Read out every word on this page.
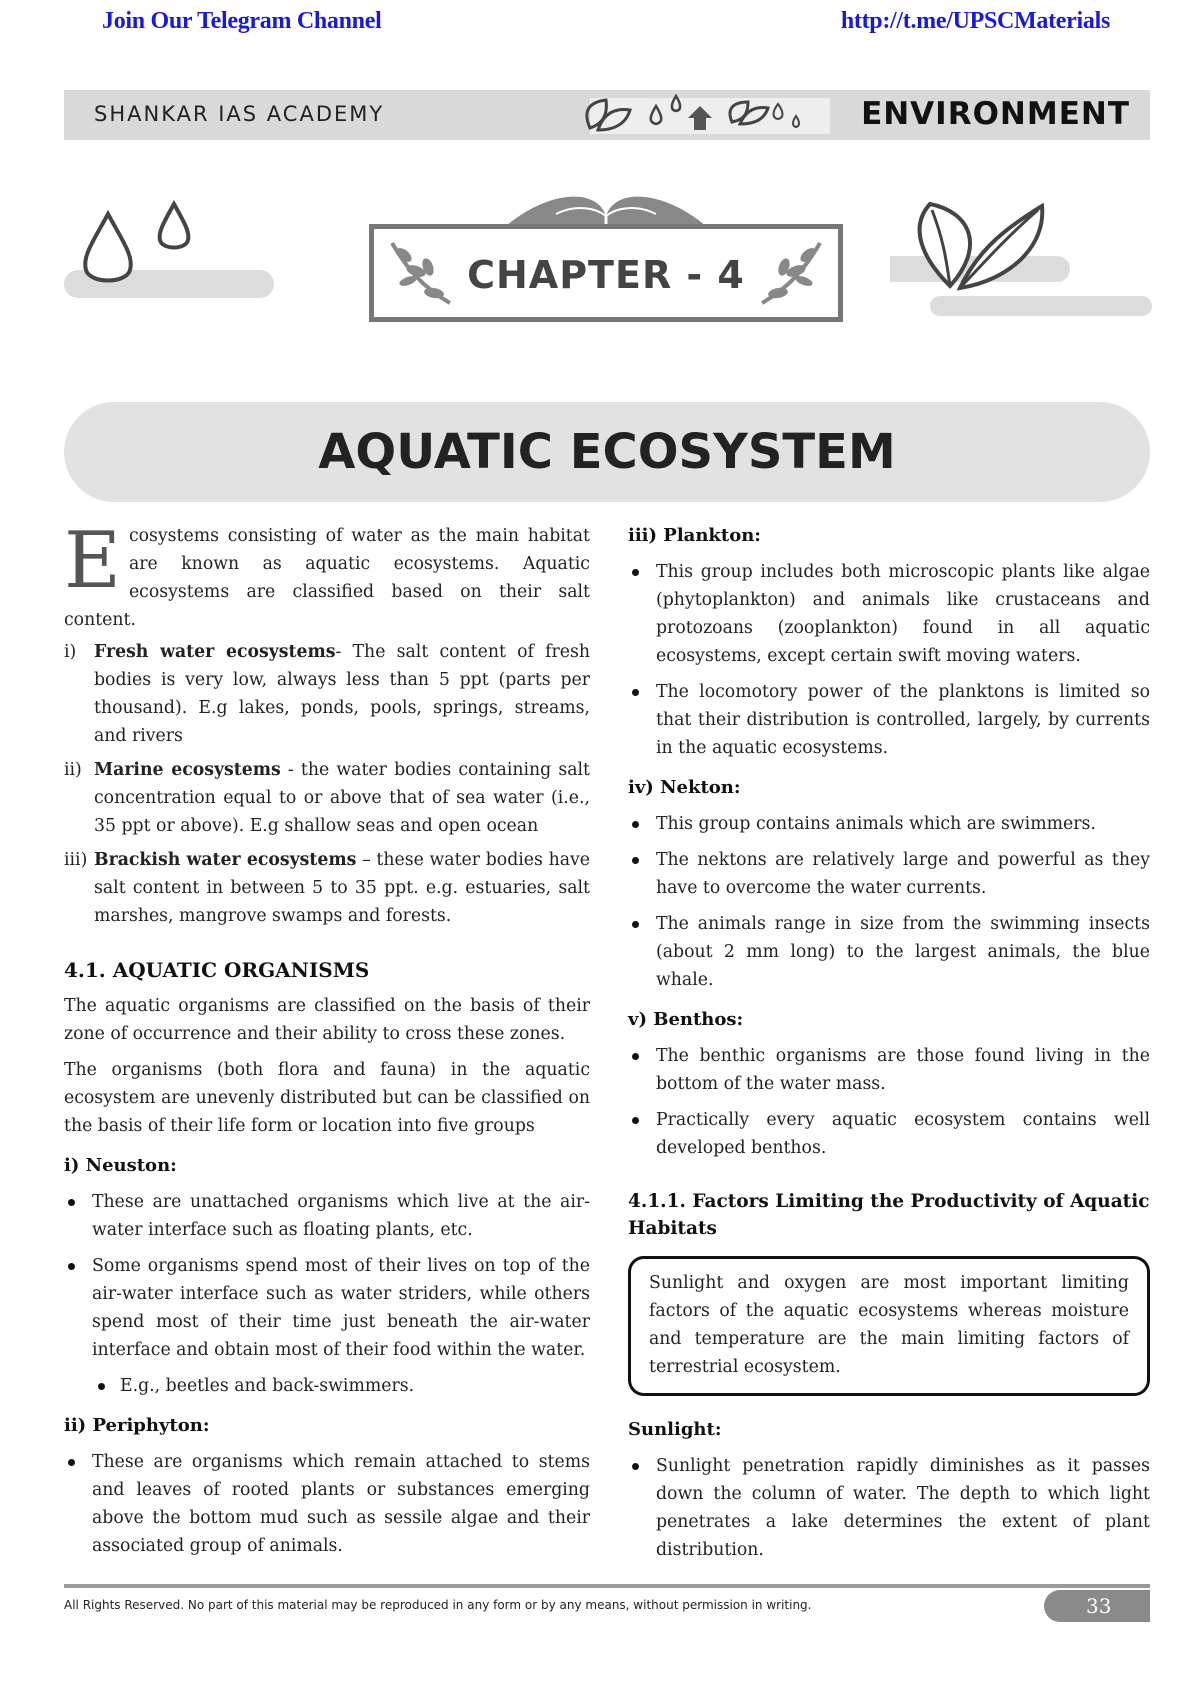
Join Our Telegram Channel	http://t.me/UPSCMaterials
SHANKAR IAS ACADEMY	ENVIRONMENT
CHAPTER - 4
AQUATIC ECOSYSTEM
E cosystems consisting of water as the main habitat are known as aquatic ecosystems. Aquatic ecosystems are classified based on their salt content.

i) Fresh water ecosystems- The salt content of fresh bodies is very low, always less than 5 ppt (parts per thousand). E.g lakes, ponds, pools, springs, streams, and rivers
ii) Marine ecosystems - the water bodies containing salt concentration equal to or above that of sea water (i.e., 35 ppt or above). E.g shallow seas and open ocean
iii) Brackish water ecosystems – these water bodies have salt content in between 5 to 35 ppt. e.g. estuaries, salt marshes, mangrove swamps and forests.
4.1. AQUATIC ORGANISMS

The aquatic organisms are classified on the basis of their zone of occurrence and their ability to cross these zones.

The organisms (both flora and fauna) in the aquatic ecosystem are unevenly distributed but can be classified on the basis of their life form or location into five groups

i) Neuston:
These are unattached organisms which live at the air-water interface such as floating plants, etc.
Some organisms spend most of their lives on top of the air-water interface such as water striders, while others spend most of their time just beneath the air-water interface and obtain most of their food within the water.
E.g., beetles and back-swimmers.
ii) Periphyton:
These are organisms which remain attached to stems and leaves of rooted plants or substances emerging above the bottom mud such as sessile algae and their associated group of animals.
iii) Plankton:
This group includes both microscopic plants like algae (phytoplankton) and animals like crustaceans and protozoans (zooplankton) found in all aquatic ecosystems, except certain swift moving waters.
The locomotory power of the planktons is limited so that their distribution is controlled, largely, by currents in the aquatic ecosystems.
iv) Nekton:
This group contains animals which are swimmers.
The nektons are relatively large and powerful as they have to overcome the water currents.
The animals range in size from the swimming insects (about 2 mm long) to the largest animals, the blue whale.
v) Benthos:
The benthic organisms are those found living in the bottom of the water mass.
Practically every aquatic ecosystem contains well developed benthos.
4.1.1. Factors Limiting the Productivity of Aquatic Habitats
Sunlight and oxygen are most important limiting factors of the aquatic ecosystems whereas moisture and temperature are the main limiting factors of terrestrial ecosystem.
Sunlight:
Sunlight penetration rapidly diminishes as it passes down the column of water. The depth to which light penetrates a lake determines the extent of plant distribution.
All Rights Reserved. No part of this material may be reproduced in any form or by any means, without permission in writing.	33
